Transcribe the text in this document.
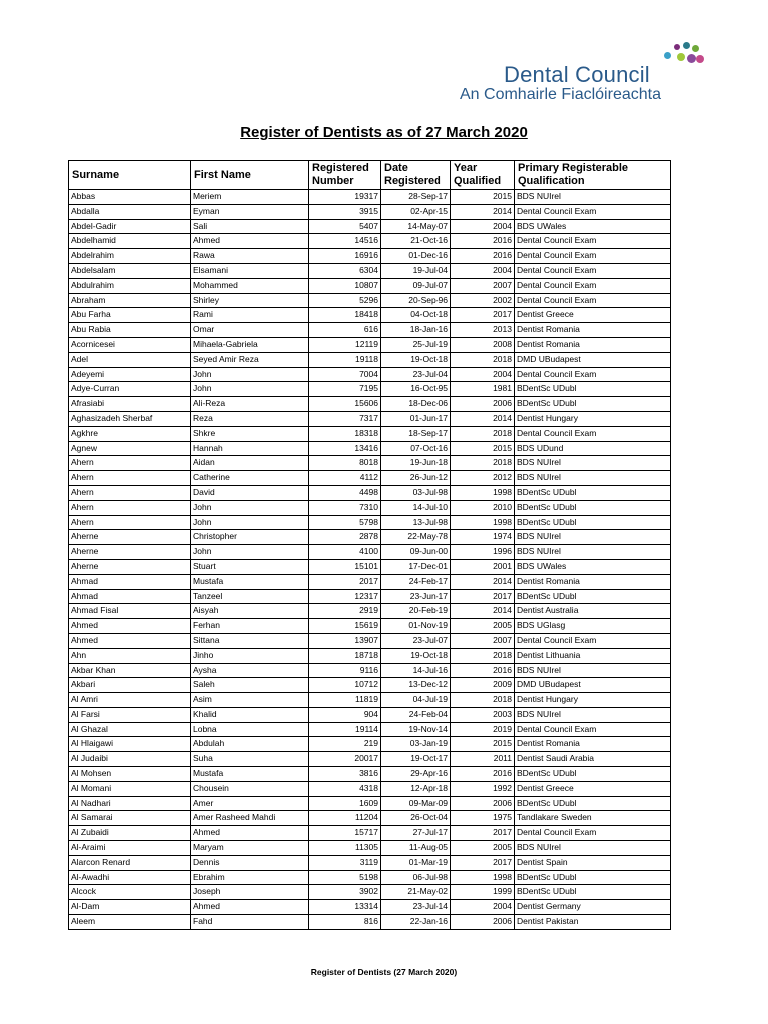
Dental Council
An Comhairle Fiaclóireachta
Register of Dentists as of 27 March 2020
Surname	First Name	Registered Number	Date Registered	Year Qualified	Primary Registerable Qualification
Abbas	Meriem	19317	28-Sep-17	2015	BDS NUIrel
Abdalla	Eyman	3915	02-Apr-15	2014	Dental Council Exam
Abdel-Gadir	Sali	5407	14-May-07	2004	BDS UWales
Abdelhamid	Ahmed	14516	21-Oct-16	2016	Dental Council Exam
Abdelrahim	Rawa	16916	01-Dec-16	2016	Dental Council Exam
Abdelsalam	Elsamani	6304	19-Jul-04	2004	Dental Council Exam
Abdulrahim	Mohammed	10807	09-Jul-07	2007	Dental Council Exam
Abraham	Shirley	5296	20-Sep-96	2002	Dental Council Exam
Abu Farha	Rami	18418	04-Oct-18	2017	Dentist Greece
Abu Rabia	Omar	616	18-Jan-16	2013	Dentist Romania
Acornicesei	Mihaela-Gabriela	12119	25-Jul-19	2008	Dentist Romania
Adel	Seyed Amir Reza	19118	19-Oct-18	2018	DMD UBudapest
Adeyemi	John	7004	23-Jul-04	2004	Dental Council Exam
Adye-Curran	John	7195	16-Oct-95	1981	BDentSc UDubl
Afrasiabi	Ali-Reza	15606	18-Dec-06	2006	BDentSc UDubl
Aghasizadeh Sherbaf	Reza	7317	01-Jun-17	2014	Dentist Hungary
Agkhre	Shkre	18318	18-Sep-17	2018	Dental Council Exam
Agnew	Hannah	13416	07-Oct-16	2015	BDS UDund
Ahern	Aidan	8018	19-Jun-18	2018	BDS NUIrel
Ahern	Catherine	4112	26-Jun-12	2012	BDS NUIrel
Ahern	David	4498	03-Jul-98	1998	BDentSc UDubl
Ahern	John	7310	14-Jul-10	2010	BDentSc UDubl
Ahern	John	5798	13-Jul-98	1998	BDentSc UDubl
Aherne	Christopher	2878	22-May-78	1974	BDS NUIrel
Aherne	John	4100	09-Jun-00	1996	BDS NUIrel
Aherne	Stuart	15101	17-Dec-01	2001	BDS UWales
Ahmad	Mustafa	2017	24-Feb-17	2014	Dentist Romania
Ahmad	Tanzeel	12317	23-Jun-17	2017	BDentSc UDubl
Ahmad Fisal	Aisyah	2919	20-Feb-19	2014	Dentist Australia
Ahmed	Ferhan	15619	01-Nov-19	2005	BDS UGlasg
Ahmed	Sittana	13907	23-Jul-07	2007	Dental Council Exam
Ahn	Jinho	18718	19-Oct-18	2018	Dentist Lithuania
Akbar Khan	Aysha	9116	14-Jul-16	2016	BDS NUIrel
Akbari	Saleh	10712	13-Dec-12	2009	DMD UBudapest
Al Amri	Asim	11819	04-Jul-19	2018	Dentist Hungary
Al Farsi	Khalid	904	24-Feb-04	2003	BDS NUIrel
Al Ghazal	Lobna	19114	19-Nov-14	2019	Dental Council Exam
Al Hlaigawi	Abdulah	219	03-Jan-19	2015	Dentist Romania
Al Judaibi	Suha	20017	19-Oct-17	2011	Dentist Saudi Arabia
Al Mohsen	Mustafa	3816	29-Apr-16	2016	BDentSc UDubl
Al Momani	Chousein	4318	12-Apr-18	1992	Dentist Greece
Al Nadhari	Amer	1609	09-Mar-09	2006	BDentSc UDubl
Al Samarai	Amer Rasheed Mahdi	11204	26-Oct-04	1975	Tandlakare Sweden
Al Zubaidi	Ahmed	15717	27-Jul-17	2017	Dental Council Exam
Al-Araimi	Maryam	11305	11-Aug-05	2005	BDS NUIrel
Alarcon Renard	Dennis	3119	01-Mar-19	2017	Dentist Spain
Al-Awadhi	Ebrahim	5198	06-Jul-98	1998	BDentSc UDubl
Alcock	Joseph	3902	21-May-02	1999	BDentSc UDubl
Al-Dam	Ahmed	13314	23-Jul-14	2004	Dentist Germany
Aleem	Fahd	816	22-Jan-16	2006	Dentist Pakistan
Register of Dentists (27 March 2020)
